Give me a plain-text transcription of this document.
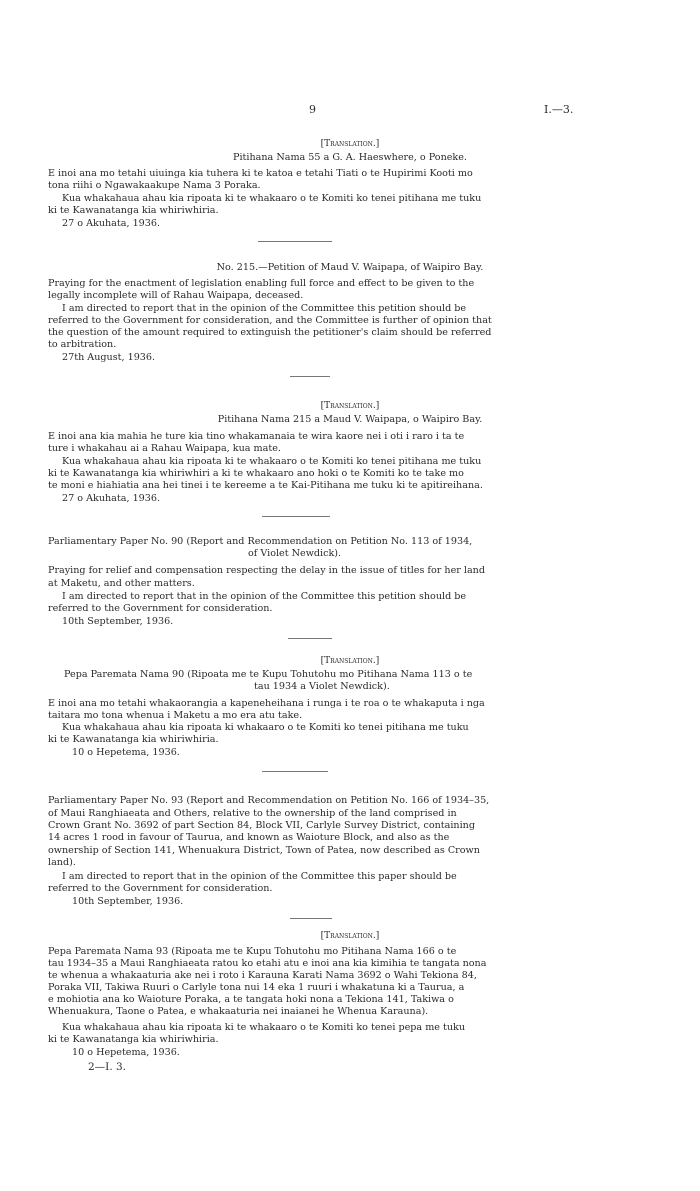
9	I.—3.
[Translation.]
Pitihana Nama 55 a G. A. Haeswhere, o Poneke.
E inoi ana mo tetahi uiuinga kia tuhera ki te katoa e tetahi Tiati o te Hupirimi Kooti mo
tona riihi o Ngawakaakupe Nama 3 Poraka.
Kua whakahaua ahau kia ripoata ki te whakaaro o te Komiti ko tenei pitihana me tuku
ki te Kawanatanga kia whiriwhiria.
27 o Akuhata, 1936.
No. 215.—Petition of Maud V. Waipapa, of Waipiro Bay.
Praying for the enactment of legislation enabling full force and effect to be given to the
legally incomplete will of Rahau Waipapa, deceased.
I am directed to report that in the opinion of the Committee this petition should be
referred to the Government for consideration, and the Committee is further of opinion that
the question of the amount required to extinguish the petitioner's claim should be referred
to arbitration.
27th August, 1936.
[Translation.]
Pitihana Nama 215 a Maud V. Waipapa, o Waipiro Bay.
E inoi ana kia mahia he ture kia tino whakamanaia te wira kaore nei i oti i raro i ta te
ture i whakahau ai a Rahau Waipapa, kua mate.
Kua whakahaua ahau kia ripoata ki te whakaaro o te Komiti ko tenei pitihana me tuku
ki te Kawanatanga kia whiriwhiri a ki te whakaaro ano hoki o te Komiti ko te take mo
te moni e hiahiatia ana hei tinei i te kereeme a te Kai-Pitihana me tuku ki te apitireihana.
27 o Akuhata, 1936.
Parliamentary Paper No. 90 (Report and Recommendation on Petition No. 113 of 1934,
of Violet Newdick).
Praying for relief and compensation respecting the delay in the issue of titles for her land
at Maketu, and other matters.
I am directed to report that in the opinion of the Committee this petition should be
referred to the Government for consideration.
10th September, 1936.
[Translation.]
Pepa Paremata Nama 90 (Ripoata me te Kupu Tohutohu mo Pitihana Nama 113 o te
tau 1934 a Violet Newdick).
E inoi ana mo tetahi whakaorangia a kapeneheihana i runga i te roa o te whakaputa i nga
taitara mo tona whenua i Maketu a mo era atu take.
Kua whakahaua ahau kia ripoata ki whakaaro o te Komiti ko tenei pitihana me tuku
ki te Kawanatanga kia whiriwhiria.
10 o Hepetema, 1936.
Parliamentary Paper No. 93 (Report and Recommendation on Petition No. 166 of 1934–35,
of Maui Ranghiaeata and Others, relative to the ownership of the land comprised in
Crown Grant No. 3692 of part Section 84, Block VII, Carlyle Survey District, containing
14 acres 1 rood in favour of Taurua, and known as Waioture Block, and also as the
ownership of Section 141, Whenuakura District, Town of Patea, now described as Crown
land).
I am directed to report that in the opinion of the Committee this paper should be
referred to the Government for consideration.
10th September, 1936.
[Translation.]
Pepa Paremata Nama 93 (Ripoata me te Kupu Tohutohu mo Pitihana Nama 166 o te
tau 1934–35 a Maui Ranghiaeata ratou ko etahi atu e inoi ana kia kimihia te tangata nona
te whenua a whakaaturia ake nei i roto i Karauna Karati Nama 3692 o Wahi Tekiona 84,
Poraka VII, Takiwa Ruuri o Carlyle tona nui 14 eka 1 ruuri i whakatuna ki a Taurua, a
e mohiotia ana ko Waioture Poraka, a te tangata hoki nona a Tekiona 141, Takiwa o
Whenuakura, Taone o Patea, e whakaaturia nei inaianei he Whenua Karauna).
Kua whakahaua ahau kia ripoata ki te whakaaro o te Komiti ko tenei pepa me tuku
ki te Kawanatanga kia whiriwhiria.
10 o Hepetema, 1936.
2—I. 3.
